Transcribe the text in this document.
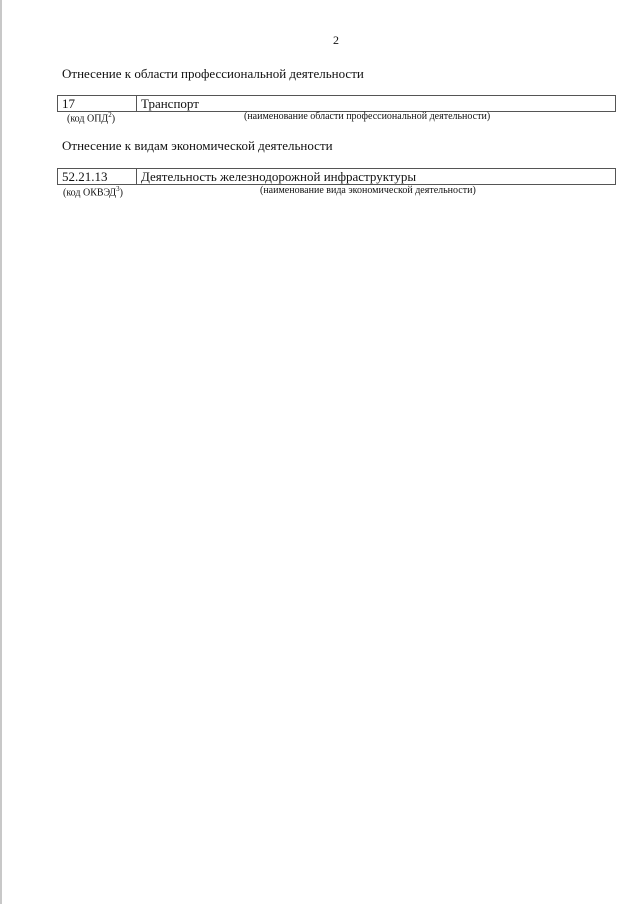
2
Отнесение к области профессиональной деятельности
17	Транспорт
(код ОПД$^2$)	(наименование области профессиональной деятельности)
Отнесение к видам экономической деятельности
52.21.13	Деятельность железнодорожной инфраструктуры
(код ОКВЭД$^3$)	(наименование вида экономической деятельности)
